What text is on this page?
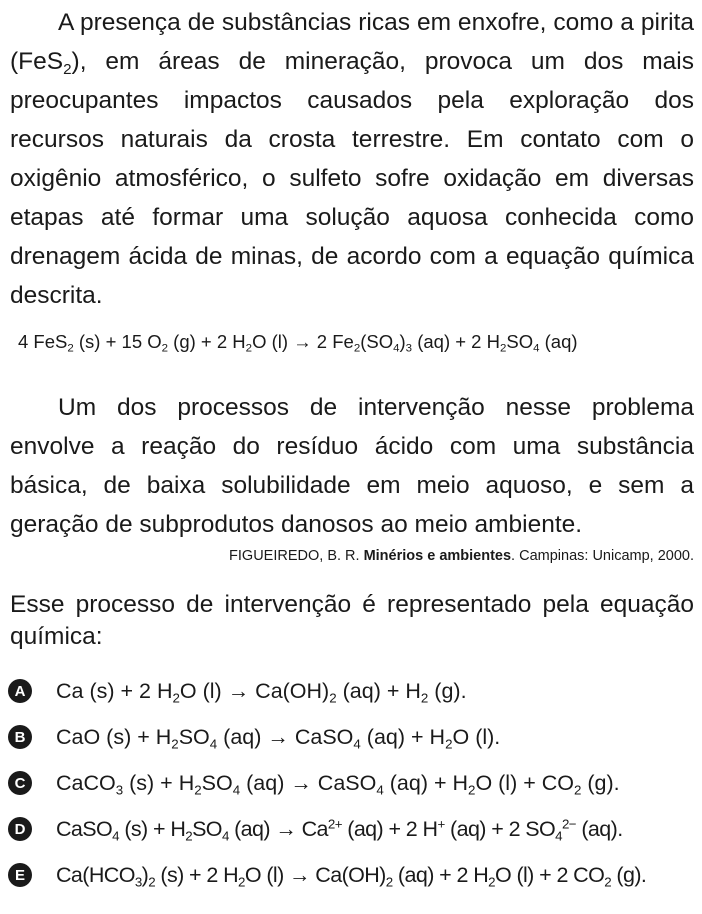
A presença de substâncias ricas em enxofre, como a pirita (FeS$_2$), em áreas de mineração, provoca um dos mais preocupantes impactos causados pela exploração dos recursos naturais da crosta terrestre. Em contato com o oxigênio atmosférico, o sulfeto sofre oxidação em diversas etapas até formar uma solução aquosa conhecida como drenagem ácida de minas, de acordo com a equação química descrita.

4 FeS$_2$ (s) + 15 $O_2$ (g) + 2 $H_2O$ (l) → 2 $Fe_2(SO_4)_3$ (aq) + 2 $H_2SO_4$ (aq)

Um dos processos de intervenção nesse problema envolve a reação do resíduo ácido com uma substância básica, de baixa solubilidade em meio aquoso, e sem a geração de subprodutos danosos ao meio ambiente.

FIGUEIREDO, B. R. Minérios e ambientes. Campinas: Unicamp, 2000.

Esse processo de intervenção é representado pela equação química:

A	Ca (s) + 2 $H_2O$ $(l) \to Ca(OH)_2$ $(aq) + H_2$ (g).
B	CaO $(s) + H_2SO_4$ (aq) → CaSO$_4$ $(aq) + H_2O$ (l).
C	CaCO$_3$ $(s) + H_2SO_4$ (aq) → CaSO$_4$ $(aq) + H_2O$ $(l) + CO_2$ (g).
D	CaSO$_4$ $(s) + H_2SO_4$ $(aq) \to Ca^{2+}$ (aq) + 2 H+ (aq) + 2 $SO_4^{2-}$ (aq).
E	$Ca(HCO_3)_2$ (s) + 2 $H_2O$ $(l) \to Ca(OH)_2$ (aq) + 2 $H_2O$ (l) + 2 $CO_2$ (g).
